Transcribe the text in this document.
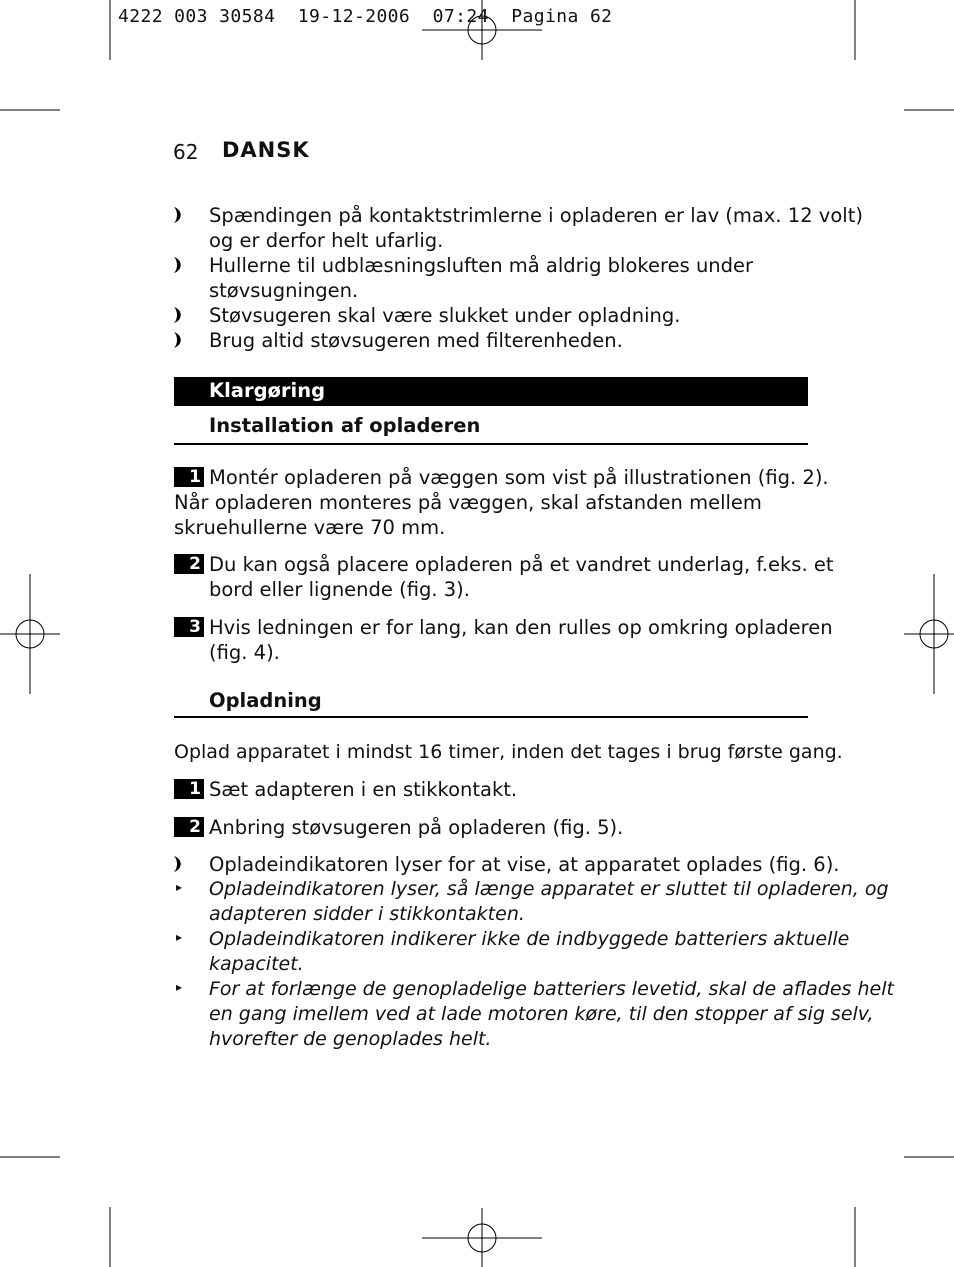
4222 003 30584  19-12-2006  07:24  Pagina 62
62 DANSK
Spændingen på kontaktstrimlerne i opladeren er lav (max. 12 volt)
og er derfor helt ufarlig.
Hullerne til udblæsningsluften må aldrig blokeres under
støvsugningen.
Støvsugeren skal være slukket under opladning.
Brug altid støvsugeren med filterenheden.
Klargøring
Installation af opladeren
1 Montér opladeren på væggen som vist på illustrationen (fig. 2).
Når opladeren monteres på væggen, skal afstanden mellem
skruehullerne være 70 mm.
2 Du kan også placere opladeren på et vandret underlag, f.eks. et
bord eller lignende (fig. 3).
3 Hvis ledningen er for lang, kan den rulles op omkring opladeren
(fig. 4).
Opladning
Oplad apparatet i mindst 16 timer, inden det tages i brug første gang.
1 Sæt adapteren i en stikkontakt.
2 Anbring støvsugeren på opladeren (fig. 5).
Opladeindikatoren lyser for at vise, at apparatet oplades (fig. 6).
▸ Opladeindikatoren lyser, så længe apparatet er sluttet til opladeren, og
adapteren sidder i stikkontakten.
▸ Opladeindikatoren indikerer ikke de indbyggede batteriers aktuelle
kapacitet.
▸ For at forlænge de genopladelige batteriers levetid, skal de aflades helt
en gang imellem ved at lade motoren køre, til den stopper af sig selv,
hvorefter de genoplades helt.
